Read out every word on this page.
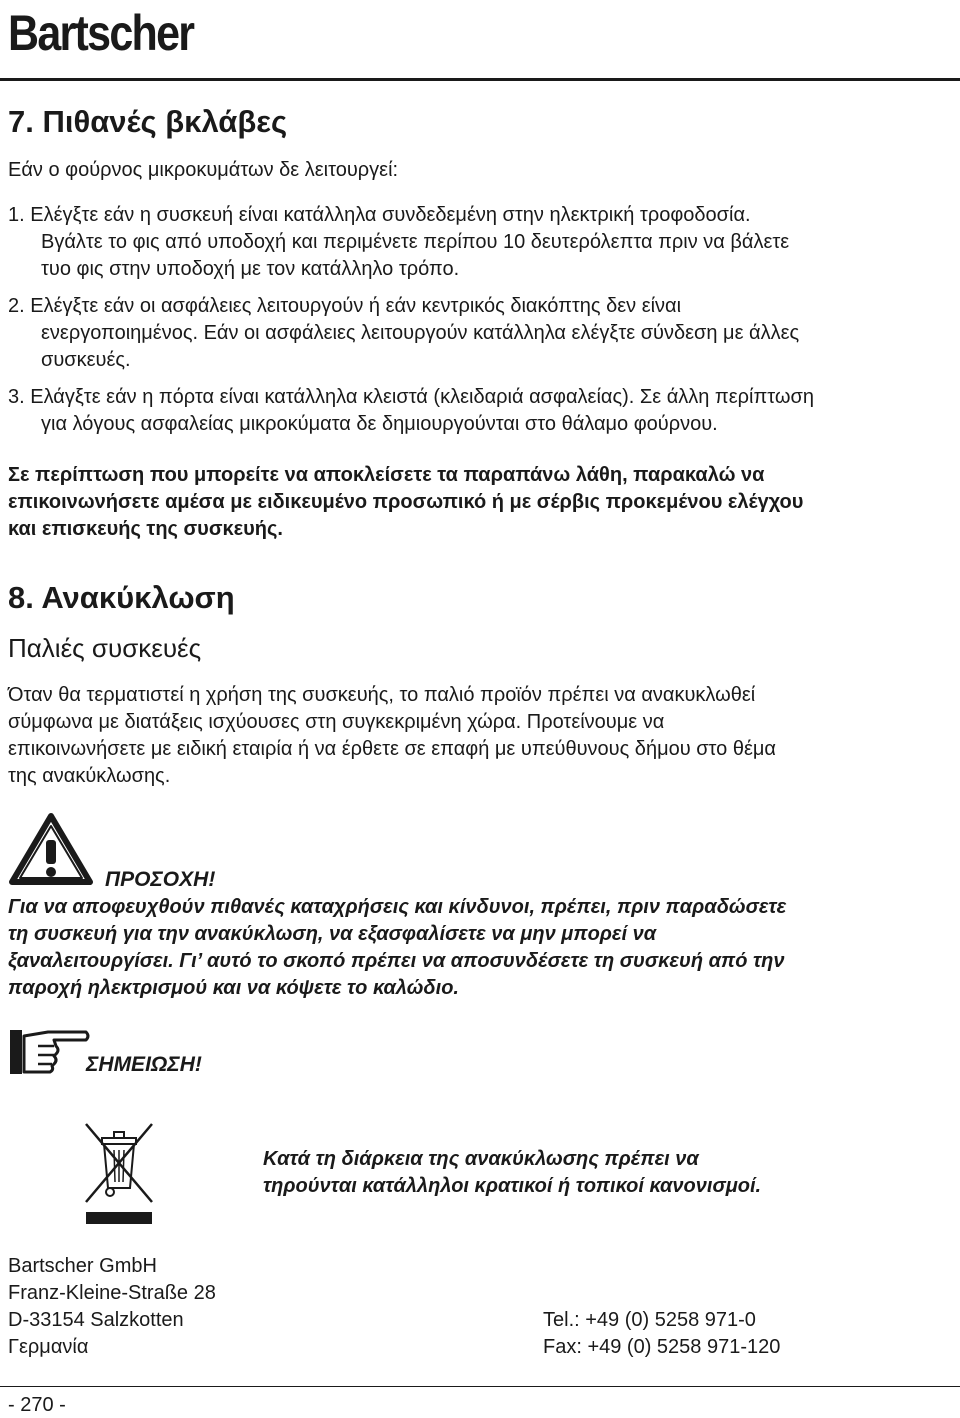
Bartscher
7. Πιθανές βκλάβες
Εάν ο φούρνος μικροκυμάτων δε λειτουργεί:
1. Ελέγξτε εάν η συσκευή είναι κατάλληλα συνδεδεμένη στην ηλεκτρική τροφοδοσία.
Βγάλτε το φις από υποδοχή και περιμένετε περίπου 10 δευτερόλεπτα πριν να βάλετε
τυο φις στην υποδοχή με τον κατάλληλο τρόπο.
2. Ελέγξτε εάν οι ασφάλειες λειτουργούν ή εάν κεντρικός διακόπτης δεν είναι
ενεργοποιημένος. Εάν οι ασφάλειες λειτουργούν κατάλληλα ελέγξτε σύνδεση με άλλες
συσκευές.
3. Ελάγξτε εάν η πόρτα είναι κατάλληλα κλειστά (κλειδαριά ασφαλείας). Σε άλλη περίπτωση
για λόγους ασφαλείας μικροκύματα δε δημιουργούνται στο θάλαμο φούρνου.
Σε περίπτωση που μπορείτε να αποκλείσετε τα παραπάνω λάθη, παρακαλώ να
επικοινωνήσετε αμέσα με ειδικευμένο προσωπικό ή με σέρβις προκεμένου ελέγχου
και επισκευής της συσκευής.
8. Ανακύκλωση
Παλιές συσκευές
Όταν θα τερματιστεί η χρήση της συσκευής, το παλιό προϊόν πρέπει να ανακυκλωθεί
σύμφωνα με διατάξεις ισχύουσες στη συγκεκριμένη χώρα. Προτείνουμε να
επικοινωνήσετε με ειδική εταιρία ή να έρθετε σε επαφή με υπεύθυνους δήμου στο θέμα
της ανακύκλωσης.
ΠΡΟΣΟΧΗ!
Για να αποφευχθούν πιθανές καταχρήσεις και κίνδυνοι, πρέπει, πριν παραδώσετε
τη συσκευή για την ανακύκλωση, να εξασφαλίσετε να μην μπορεί να
ξαναλειτουργίσει. Γι’ αυτό το σκοπό πρέπει να αποσυνδέσετε τη συσκευή από την
παροχή ηλεκτρισμού και να κόψετε το καλώδιο.
ΣΗΜΕΙΩΣΗ!
Κατά τη διάρκεια της ανακύκλωσης πρέπει να
τηρούνται κατάλληλοι κρατικοί ή τοπικοί κανονισμοί.
Bartscher GmbH
Franz-Kleine-Straße 28
D-33154 Salzkotten
Γερμανία
Tel.: +49 (0) 5258 971-0
Fax: +49 (0) 5258 971-120
- 270 -
